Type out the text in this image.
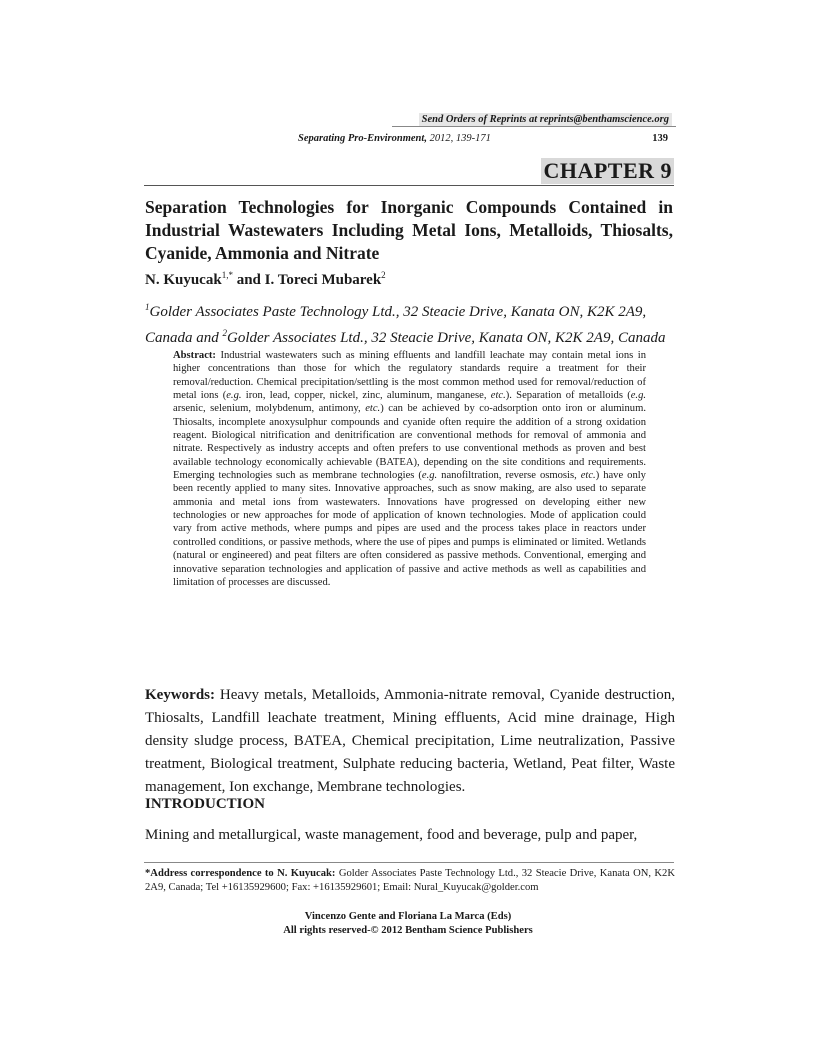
Send Orders of Reprints at reprints@benthamscience.org
Separating Pro-Environment, 2012, 139-171	139
CHAPTER 9
Separation Technologies for Inorganic Compounds Contained in Industrial Wastewaters Including Metal Ions, Metalloids, Thiosalts, Cyanide, Ammonia and Nitrate
N. Kuyucak$^{1,*}$ and I. Toreci Mubarek$^2$
$^1$Golder Associates Paste Technology Ltd., 32 Steacie Drive, Kanata ON, K2K 2A9, Canada and $^2$Golder Associates Ltd., 32 Steacie Drive, Kanata ON, K2K 2A9, Canada
Abstract: Industrial wastewaters such as mining effluents and landfill leachate may contain metal ions in higher concentrations than those for which the regulatory standards require a treatment for their removal/reduction. Chemical precipitation/settling is the most common method used for removal/reduction of metal ions (e.g. iron, lead, copper, nickel, zinc, aluminum, manganese, etc.). Separation of metalloids (e.g. arsenic, selenium, molybdenum, antimony, etc.) can be achieved by co-adsorption onto iron or aluminum. Thiosalts, incomplete anoxysulphur compounds and cyanide often require the addition of a strong oxidation reagent. Biological nitrification and denitrification are conventional methods for removal of ammonia and nitrate. Respectively as industry accepts and often prefers to use conventional methods as proven and best available technology economically achievable (BATEA), depending on the site conditions and requirements. Emerging technologies such as membrane technologies (e.g. nanofiltration, reverse osmosis, etc.) have only been recently applied to many sites. Innovative approaches, such as snow making, are also used to separate ammonia and metal ions from wastewaters. Innovations have progressed on developing either new technologies or new approaches for mode of application of known technologies. Mode of application could vary from active methods, where pumps and pipes are used and the process takes place in reactors under controlled conditions, or passive methods, where the use of pipes and pumps is eliminated or limited. Wetlands (natural or engineered) and peat filters are often considered as passive methods. Conventional, emerging and innovative separation technologies and application of passive and active methods as well as capabilities and limitation of processes are discussed.
Keywords: Heavy metals, Metalloids, Ammonia-nitrate removal, Cyanide destruction, Thiosalts, Landfill leachate treatment, Mining effluents, Acid mine drainage, High density sludge process, BATEA, Chemical precipitation, Lime neutralization, Passive treatment, Biological treatment, Sulphate reducing bacteria, Wetland, Peat filter, Waste management, Ion exchange, Membrane technologies.
INTRODUCTION
Mining and metallurgical, waste management, food and beverage, pulp and paper,
*Address correspondence to N. Kuyucak: Golder Associates Paste Technology Ltd., 32 Steacie Drive, Kanata ON, K2K 2A9, Canada; Tel +16135929600; Fax: +16135929601; Email: Nural_Kuyucak@golder.com
Vincenzo Gente and Floriana La Marca (Eds)
All rights reserved-© 2012 Bentham Science Publishers
